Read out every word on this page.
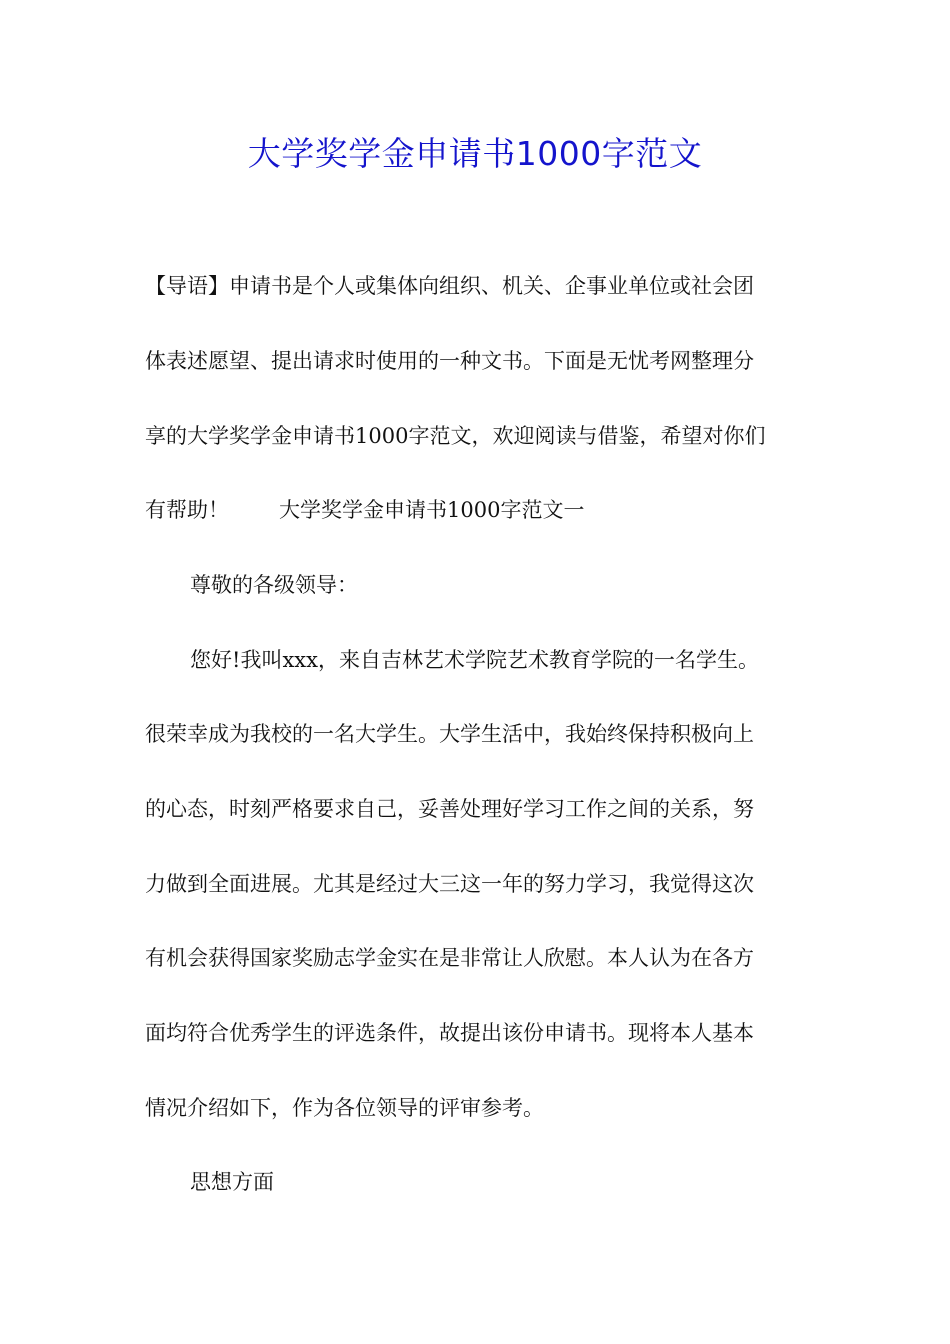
大学奖学金申请书1000字范文
【导语】申请书是个人或集体向组织、机关、企事业单位或社会团
体表述愿望、提出请求时使用的一种文书。下面是无忧考网整理分
享的大学奖学金申请书1000字范文，欢迎阅读与借鉴，希望对你们
有帮助！ 大学奖学金申请书1000字范文一
尊敬的各级领导：
您好!我叫xxx，来自吉林艺术学院艺术教育学院的一名学生。
很荣幸成为我校的一名大学生。大学生活中，我始终保持积极向上
的心态，时刻严格要求自己，妥善处理好学习工作之间的关系，努
力做到全面进展。尤其是经过大三这一年的努力学习，我觉得这次
有机会获得国家奖励志学金实在是非常让人欣慰。本人认为在各方
面均符合优秀学生的评选条件，故提出该份申请书。现将本人基本
情况介绍如下，作为各位领导的评审参考。
思想方面
